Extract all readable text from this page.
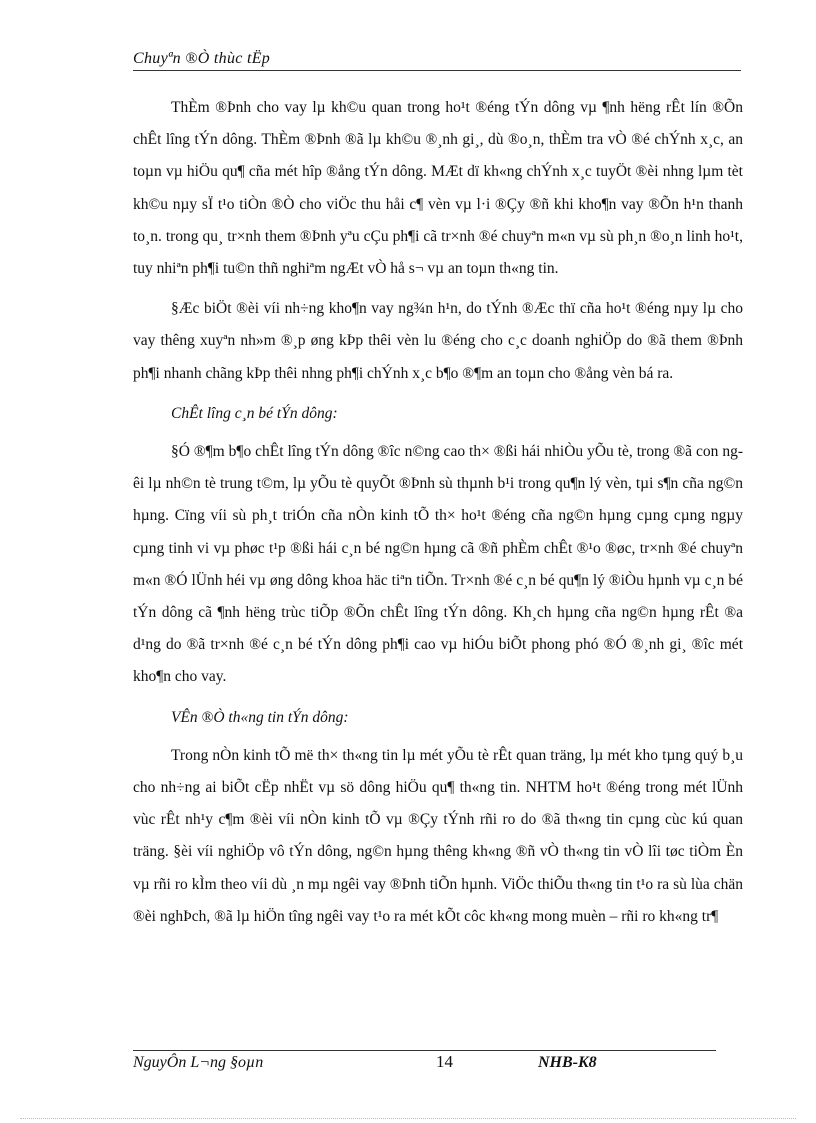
Chuyªn ®Ò thùc tËp

ThÈm ®Þnh cho vay lµ kh©u quan trong ho¹t ®éng tÝn dông vµ ¶nh hëng rÊt lín ®Õn chÊt lîng tÝn dông. ThÈm ®Þnh ®ã lµ kh©u ®¸nh gi¸, dù ®o¸n, thÈm tra vÒ ®é chÝnh x¸c, an toµn vµ hiÖu qu¶ cña mét hîp ®ång tÝn dông. MÆt dï kh«ng chÝnh x¸c tuyÖt ®èi nhng lµm tèt kh©u nµy sÏ t¹o tiÒn ®Ò cho viÖc thu håi c¶ vèn vµ l·i ®Çy ®ñ khi kho¶n vay ®Õn h¹n thanh to¸n. trong qu¸ tr×nh them ®Þnh yªu cÇu ph¶i cã tr×nh ®é chuyªn m«n vµ sù ph¸n ®o¸n linh ho¹t, tuy nhiªn ph¶i tu©n thñ nghiªm ngÆt vÒ hå s¬ vµ an toµn th«ng tin.

§Æc biÖt ®èi víi nh÷ng kho¶n vay ng¾n h¹n, do tÝnh ®Æc thï cña ho¹t ®éng nµy lµ cho vay thêng xuyªn nh»m ®¸p øng kÞp thêi vèn lu ®éng cho c¸c doanh nghiÖp do ®ã them ®Þnh ph¶i nhanh chãng kÞp thêi nhng ph¶i chÝnh x¸c b¶o ®¶m an toµn cho ®ång vèn bá ra.

ChÊt lîng c¸n bé tÝn dông:

§Ó ®¶m b¶o chÊt lîng tÝn dông ®îc n©ng cao th× ®ßi hái nhiÒu yÕu tè, trong ®ã con ngêi lµ nh©n tè trung t©m, lµ yÕu tè quyÕt ®Þnh sù thµnh b¹i trong qu¶n lý vèn, tµi s¶n cña ng©n hµng. Cïng víi sù ph¸t triÓn cña nÒn kinh tÕ th× ho¹t ®éng cña ng©n hµng cµng cµng ngµy cµng tinh vi vµ phøc t¹p ®ßi hái c¸n bé ng©n hµng cã ®ñ phÈm chÊt ®¹o ®øc, tr×nh ®é chuyªn m«n ®Ó lÜnh héi vµ øng dông khoa häc tiªn tiÕn. Tr×nh ®é c¸n bé qu¶n lý ®iÒu hµnh vµ c¸n bé tÝn dông cã ¶nh hëng trùc tiÕp ®Õn chÊt lîng tÝn dông. Kh¸ch hµng cña ng©n hµng rÊt ®a d¹ng do ®ã tr×nh ®é c¸n bé tÝn dông ph¶i cao vµ hiÓu biÕt phong phó ®Ó ®¸nh gi¸ ®îc mét kho¶n cho vay.

VÊn ®Ò th«ng tin tÝn dông:

Trong nÒn kinh tÕ më th× th«ng tin lµ mét yÕu tè rÊt quan träng, lµ mét kho tµng quý b¸u cho nh÷ng ai biÕt cËp nhËt vµ sö dông hiÖu qu¶ th«ng tin. NHTM ho¹t ®éng trong mét lÜnh vùc rÊt nh¹y c¶m ®èi víi nÒn kinh tÕ vµ ®Çy tÝnh rñi ro do ®ã th«ng tin cµng cùc kú quan träng. §èi víi nghiÖp vô tÝn dông, ng©n hµng thêng kh«ng ®ñ vÒ th«ng tin vÒ lîi tøc tiÒm Èn vµ rñi ro kÌm theo víi dù ¸n mµ ngêi vay ®Þnh tiÕn hµnh. ViÖc thiÕu th«ng tin t¹o ra sù lùa chän ®èi nghÞch, ®ã lµ hiÖn tîng ngêi vay t¹o ra mét kÕt côc kh«ng mong muèn – rñi ro kh«ng tr¶

NguyÔn L¬ng §oµn	14	NHB-K8
